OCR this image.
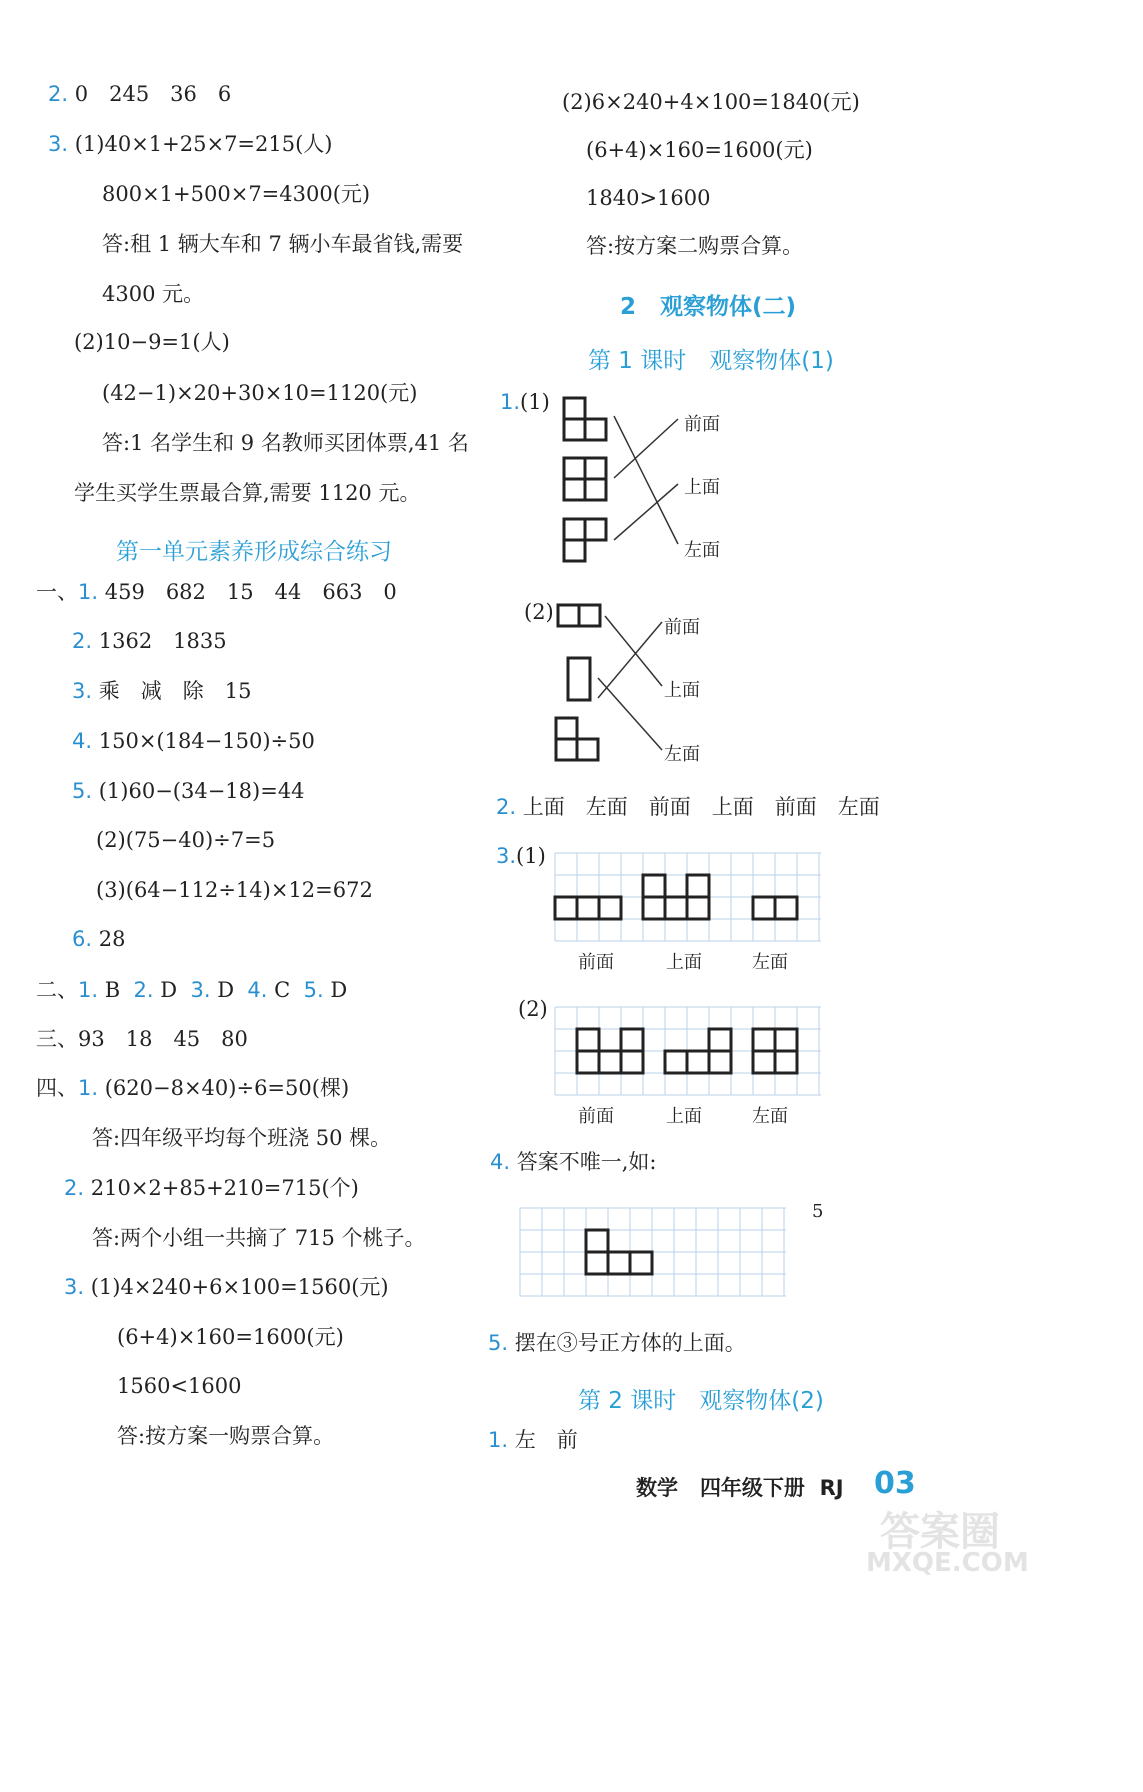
2. 0　245　36　6
3. (1)40×1+25×7=215(人)
800×1+500×7=4300(元)
答:租 1 辆大车和 7 辆小车最省钱,需要
4300 元。
(2)10−9=1(人)
(42−1)×20+30×10=1120(元)
答:1 名学生和 9 名教师买团体票,41 名
学生买学生票最合算,需要 1120 元。
第一单元素养形成综合练习
一、1. 459　682　15　44　663　0
2. 1362　1835
3. 乘　减　除　15
4. 150×(184−150)÷50
5. (1)60−(34−18)=44
(2)(75−40)÷7=5
(3)(64−112÷14)×12=672
6. 28
二、1. B 2. D 3. D 4. C 5. D
三、93　18　45　80
四、1. (620−8×40)÷6=50(棵)
答:四年级平均每个班浇 50 棵。
2. 210×2+85+210=715(个)
答:两个小组一共摘了 715 个桃子。
3. (1)4×240+6×100=1560(元)
(6+4)×160=1600(元)
1560<1600
答:按方案一购票合算。
(2)6×240+4×100=1840(元)
(6+4)×160=1600(元)
1840>1600
答:按方案二购票合算。
2 观察物体(二)
第 1 课时　观察物体(1)
1.(1)
前面
上面
左面
(2)
前面
上面
左面
2. 上面　左面　前面　上面　前面　左面
3.(1)
前面	上面	左面
(2)
前面	上面	左面
4. 答案不唯一,如:
5
5. 摆在③号正方体的上面。
第 2 课时　观察物体(2)
1. 左　前
数学 四年级下册 RJ 03
答案圈
MXQE.COM
